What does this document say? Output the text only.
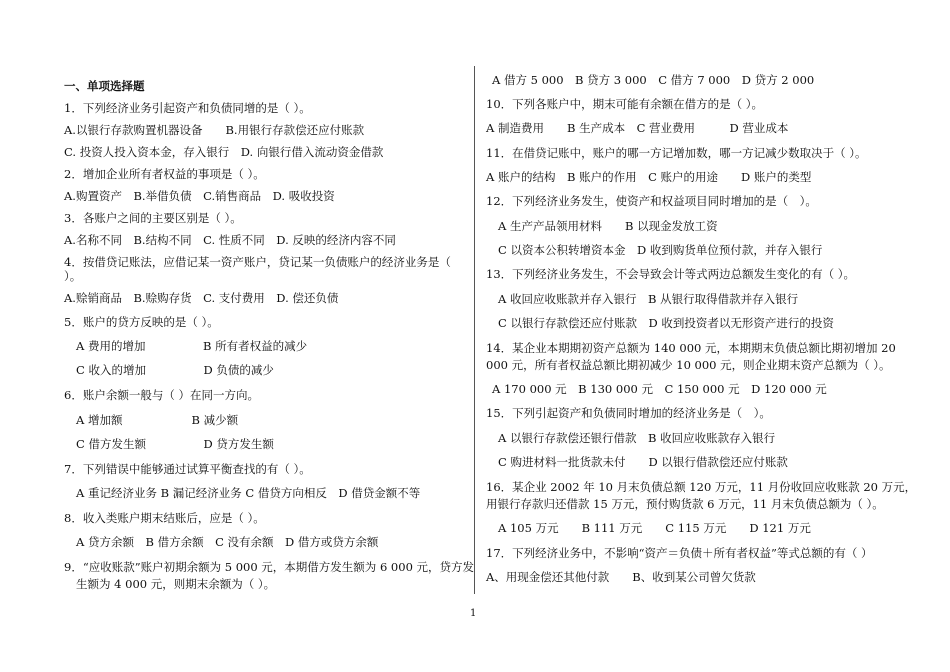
一、单项选择题
1．下列经济业务引起资产和负债同增的是（ ）。
A.以银行存款购置机器设备　　B.用银行存款偿还应付账款
C. 投资人投入资本金，存入银行　D. 向银行借入流动资金借款
2．增加企业所有者权益的事项是（ ）。
A.购置资产　B.举借负债　C.销售商品　D. 吸收投资
3．各账户之间的主要区别是（ ）。
A.名称不同　B.结构不同　C. 性质不同　D. 反映的经济内容不同
4．按借贷记账法，应借记某一资产账户，贷记某一负债账户的经济业务是（
）。
A.赊销商品　B.赊购存货　C. 支付费用　D. 偿还负债
5．账户的贷方反映的是（ ）。
A 费用的增加　　　　　B 所有者权益的减少
C 收入的增加　　　　　D 负债的减少
6．账户余额一般与（ ）在同一方向。
A 增加额　　　　　　B 减少额
C 借方发生额　　　　　D 贷方发生额
7．下列错误中能够通过试算平衡查找的有（ ）。
A 重记经济业务 B 漏记经济业务 C 借贷方向相反　D 借贷金额不等
8．收入类账户期末结账后，应是（ ）。
A 贷方余额　B 借方余额　C 没有余额　D 借方或贷方余额
9．“应收账款”账户初期余额为 5 000 元，本期借方发生额为 6 000 元，贷方发
生额为 4 000 元，则期末余额为（ ）。
A 借方 5 000　B 贷方 3 000　C 借方 7 000　D 贷方 2 000
10．下列各账户中，期末可能有余额在借方的是（ ）。
A 制造费用　　B 生产成本　C 营业费用　　　D 营业成本
11．在借贷记账中，账户的哪一方记增加数，哪一方记减少数取决于（ ）。
A 账户的结构　B 账户的作用　C 账户的用途　　D 账户的类型
12．下列经济业务发生，使资产和权益项目同时增加的是（　）。
A 生产产品领用材料　　B 以现金发放工资
C 以资本公积转增资本金　D 收到购货单位预付款，并存入银行
13．下列经济业务发生，不会导致会计等式两边总额发生变化的有（ ）。
A 收回应收账款并存入银行　B 从银行取得借款并存入银行
C 以银行存款偿还应付账款　D 收到投资者以无形资产进行的投资
14．某企业本期期初资产总额为 140 000 元，本期期末负债总额比期初增加 20
000 元，所有者权益总额比期初减少 10 000 元，则企业期末资产总额为（ ）。
A 170 000 元　B 130 000 元　C 150 000 元　D 120 000 元
15．下列引起资产和负债同时增加的经济业务是（　）。
A 以银行存款偿还银行借款　B 收回应收账款存入银行
C 购进材料一批货款未付　　D 以银行借款偿还应付账款
16．某企业 2002 年 10 月末负债总额 120 万元，11 月份收回应收账款 20 万元，
用银行存款归还借款 15 万元，预付购货款 6 万元，11 月末负债总额为（ ）。
A 105 万元　　B 111 万元　　C 115 万元　　D 121 万元
17．下列经济业务中，不影响“资产＝负债＋所有者权益”等式总额的有（ ）
A、用现金偿还其他付款　　B、收到某公司曾欠货款
1
